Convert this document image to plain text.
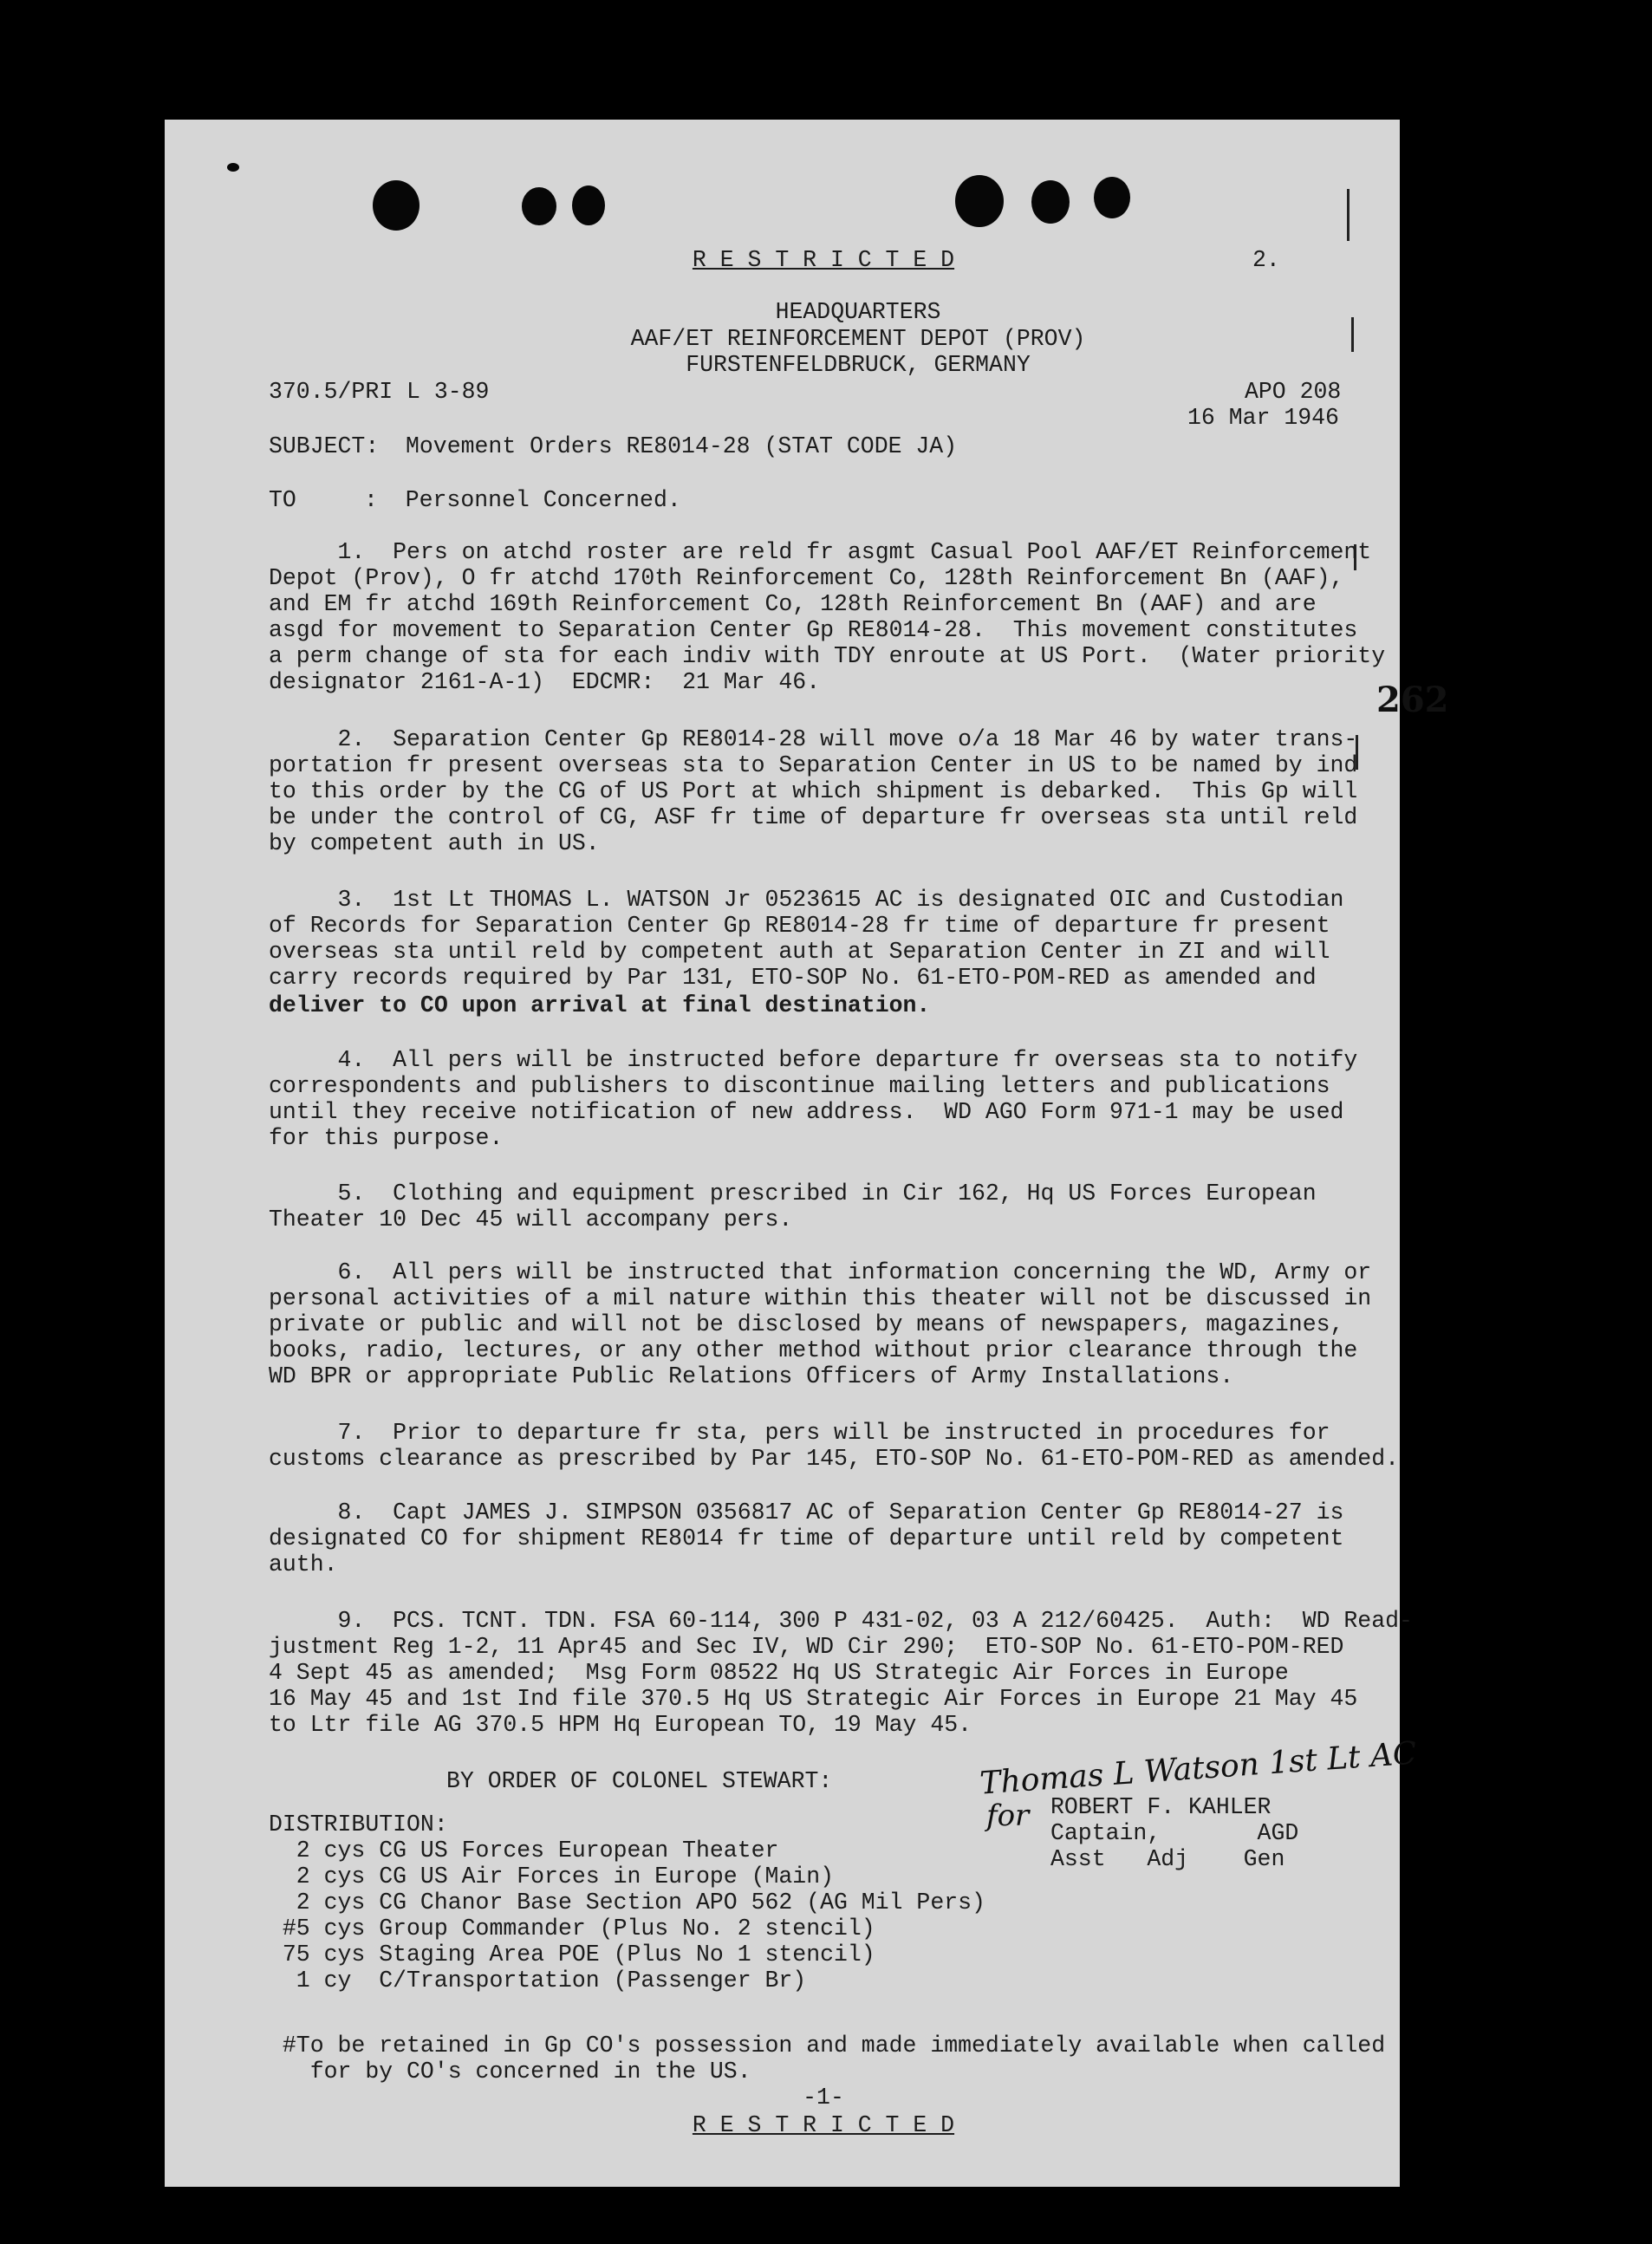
R E S T R I C T E D	2.
HEADQUARTERS
AAF/ET REINFORCEMENT DEPOT (PROV)
FURSTENFELDBRUCK, GERMANY
370.5/PRI L 3-89	APO 208
16 Mar 1946
SUBJECT: Movement Orders RE8014-28 (STAT CODE JA)
TO	:  Personnel Concerned.
262
1.  Pers on atchd roster are reld fr asgmt Casual Pool AAF/ET Reinforcement
Depot (Prov), O fr atchd 170th Reinforcement Co, 128th Reinforcement Bn (AAF),
and EM fr atchd 169th Reinforcement Co, 128th Reinforcement Bn (AAF) and are
asgd for movement to Separation Center Gp RE8014-28.  This movement constitutes
a perm change of sta for each indiv with TDY enroute at US Port.  (Water priority
designator 2161-A-1)  EDCMR:  21 Mar 46.
2.  Separation Center Gp RE8014-28 will move o/a 18 Mar 46 by water trans-
portation fr present overseas sta to Separation Center in US to be named by ind
to this order by the CG of US Port at which shipment is debarked.  This Gp will
be under the control of CG, ASF fr time of departure fr overseas sta until reld
by competent auth in US.
3.  1st Lt THOMAS L. WATSON Jr 0523615 AC is designated OIC and Custodian
of Records for Separation Center Gp RE8014-28 fr time of departure fr present
overseas sta until reld by competent auth at Separation Center in ZI and will
carry records required by Par 131, ETO-SOP No. 61-ETO-POM-RED as amended and
deliver to CO upon arrival at final destination.
4.  All pers will be instructed before departure fr overseas sta to notify
correspondents and publishers to discontinue mailing letters and publications
until they receive notification of new address.  WD AGO Form 971-1 may be used
for this purpose.
5.  Clothing and equipment prescribed in Cir 162, Hq US Forces European
Theater 10 Dec 45 will accompany pers.
6.  All pers will be instructed that information concerning the WD, Army or
personal activities of a mil nature within this theater will not be discussed in
private or public and will not be disclosed by means of newspapers, magazines,
books, radio, lectures, or any other method without prior clearance through the
WD BPR or appropriate Public Relations Officers of Army Installations.
7.  Prior to departure fr sta, pers will be instructed in procedures for
customs clearance as prescribed by Par 145, ETO-SOP No. 61-ETO-POM-RED as amended.
8.  Capt JAMES J. SIMPSON 0356817 AC of Separation Center Gp RE8014-27 is
designated CO for shipment RE8014 fr time of departure until reld by competent
auth.
9.  PCS. TCNT. TDN. FSA 60-114, 300 P 431-02, 03 A 212/60425.  Auth:  WD Read-
justment Reg 1-2, 11 Apr45 and Sec IV, WD Cir 290;  ETO-SOP No. 61-ETO-POM-RED
4 Sept 45 as amended;  Msg Form 08522 Hq US Strategic Air Forces in Europe
16 May 45 and 1st Ind file 370.5 Hq US Strategic Air Forces in Europe 21 May 45
to Ltr file AG 370.5 HPM Hq European TO, 19 May 45.
BY ORDER OF COLONEL STEWART:	Thomas L Watson 1st Lt AC
for ROBERT F. KAHLER
Captain,       AGD
Asst   Adj    Gen
DISTRIBUTION:
2 cys CG US Forces European Theater
2 cys CG US Air Forces in Europe (Main)
2 cys CG Chanor Base Section APO 562 (AG Mil Pers)
#5 cys Group Commander (Plus No. 2 stencil)
75 cys Staging Area POE (Plus No 1 stencil)
1 cy  C/Transportation (Passenger Br)
#To be retained in Gp CO's possession and made immediately available when called
for by CO's concerned in the US.
-1-
R E S T R I C T E D
